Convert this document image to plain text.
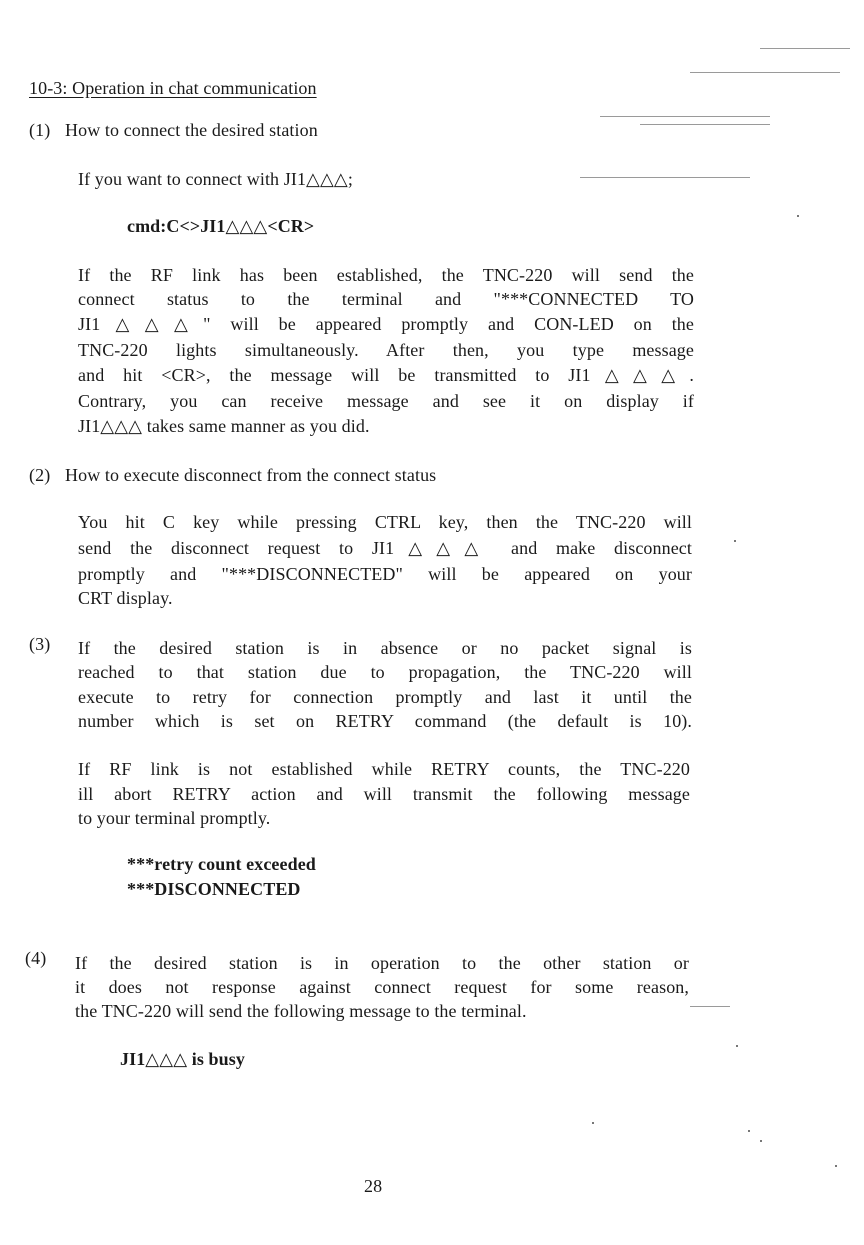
10-3: Operation in chat communication
(1) How to connect the desired station
If you want to connect with JI1△△△;
cmd:C<>JI1△△△<CR>
If the RF link has been established, the TNC-220 will send the
connect status to the terminal and "***CONNECTED TO
JI1△△△" will be appeared promptly and CON-LED on the
TNC-220 lights simultaneously. After then, you type message
and hit <CR>, the message will be transmitted to JI1△△△.
Contrary, you can receive message and see it on display if
JI1△△△ takes same manner as you did.
(2) How to execute disconnect from the connect status
You hit C key while pressing CTRL key, then the TNC-220 will
send the disconnect request to JI1△△△ and make disconnect
promptly and "***DISCONNECTED" will be appeared on your
CRT display.
(3) If the desired station is in absence or no packet signal is
reached to that station due to propagation, the TNC-220 will
execute to retry for connection promptly and last it until the
number which is set on RETRY command (the default is 10).
If RF link is not established while RETRY counts, the TNC-220
ill abort RETRY action and will transmit the following message
to your terminal promptly.
***retry count exceeded
***DISCONNECTED
(4) If the desired station is in operation to the other station or
it does not response against connect request for some reason,
the TNC-220 will send the following message to the terminal.
JI1△△△ is busy
28
